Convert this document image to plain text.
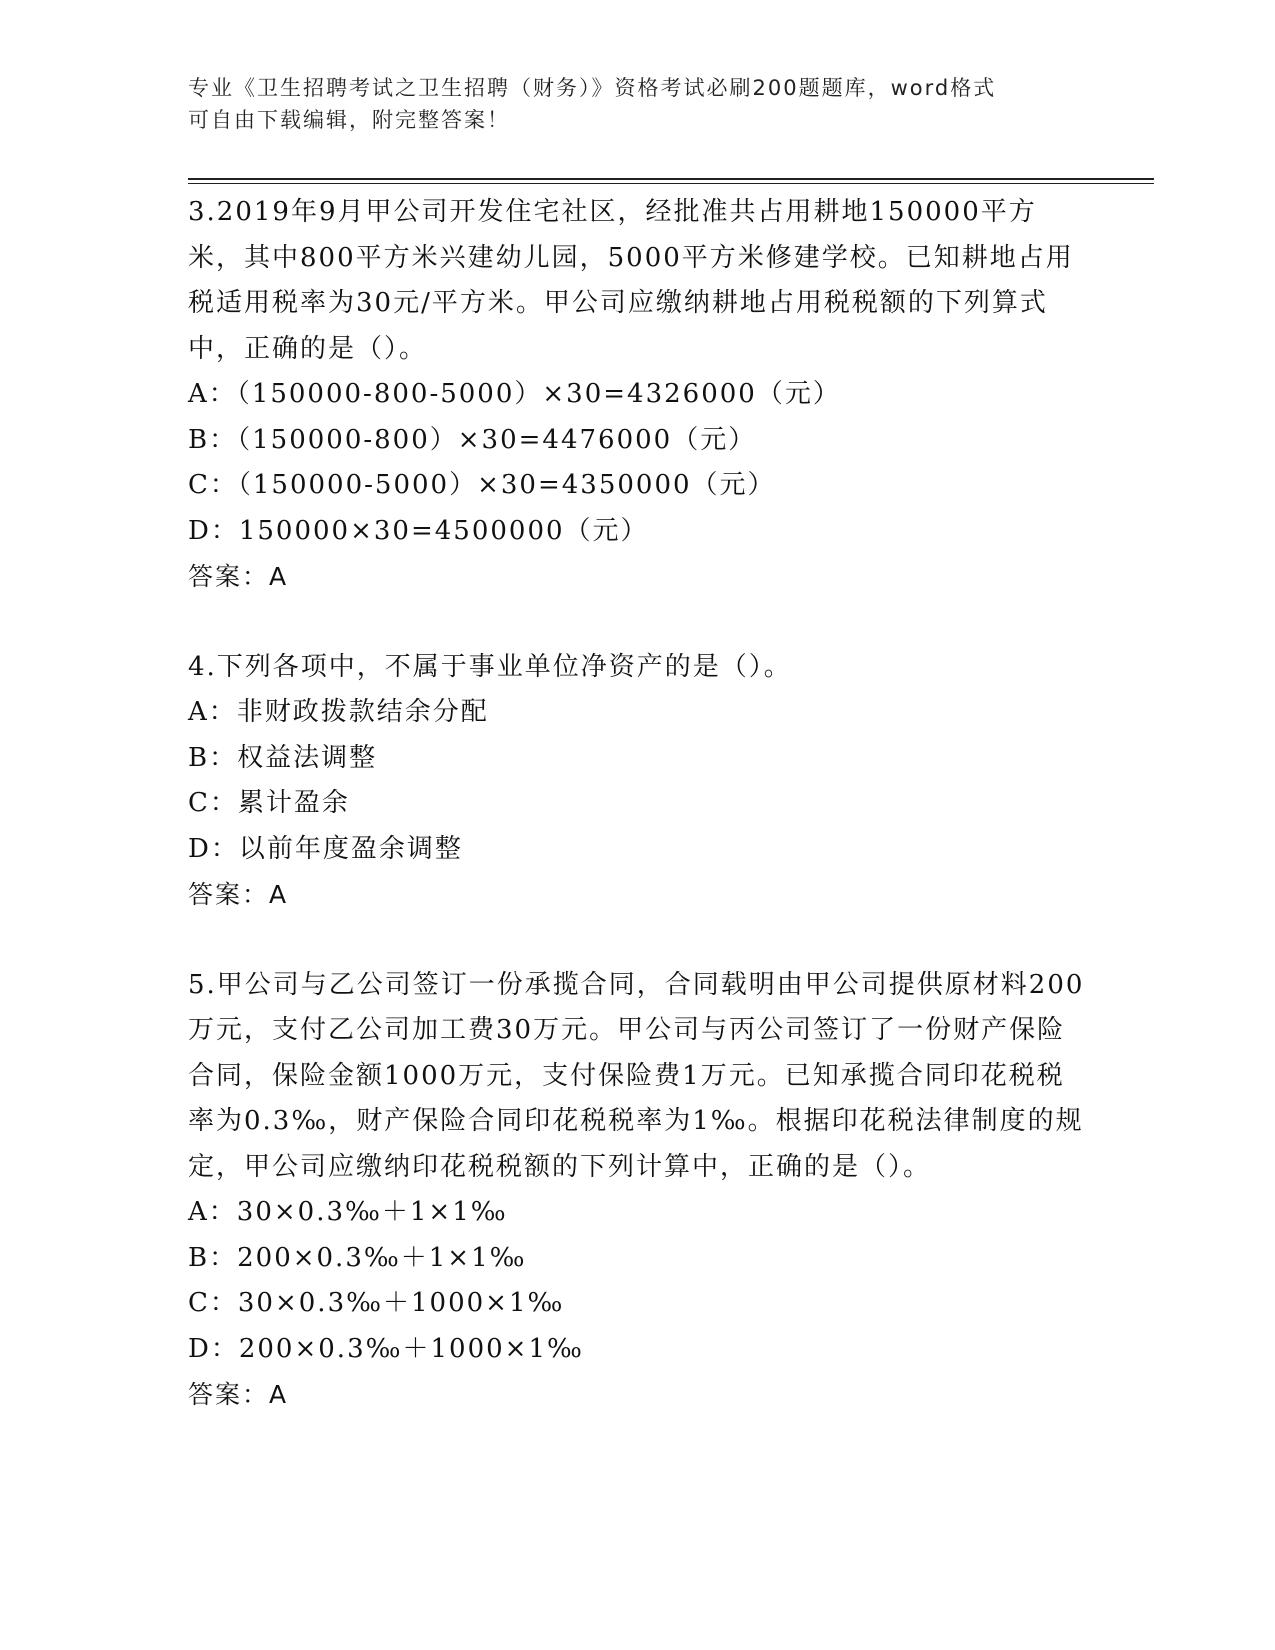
专业《卫生招聘考试之卫生招聘（财务）》资格考试必刷200题题库，word格式
可自由下载编辑，附完整答案！

3.2019年9月甲公司开发住宅社区，经批准共占用耕地150000平方米，其中800平方米兴建幼儿园，5000平方米修建学校。已知耕地占用税适用税率为30元/平方米。甲公司应缴纳耕地占用税税额的下列算式中，正确的是（）。

A：（150000-800-5000）×30=4326000（元）

B：（150000-800）×30=4476000（元）

C：（150000-5000）×30=4350000（元）

D：150000×30=4500000（元）

答案：A

4.下列各项中，不属于事业单位净资产的是（）。

A：非财政拨款结余分配

B：权益法调整

C：累计盈余

D：以前年度盈余调整

答案：A

5.甲公司与乙公司签订一份承揽合同，合同载明由甲公司提供原材料200万元，支付乙公司加工费30万元。甲公司与丙公司签订了一份财产保险合同，保险金额1000万元，支付保险费1万元。已知承揽合同印花税税率为0.3‰，财产保险合同印花税税率为1‰。根据印花税法律制度的规定，甲公司应缴纳印花税税额的下列计算中，正确的是（）。

A：30×0.3‰＋1×1‰

B：200×0.3‰＋1×1‰

C：30×0.3‰＋1000×1‰

D：200×0.3‰＋1000×1‰

答案：A
